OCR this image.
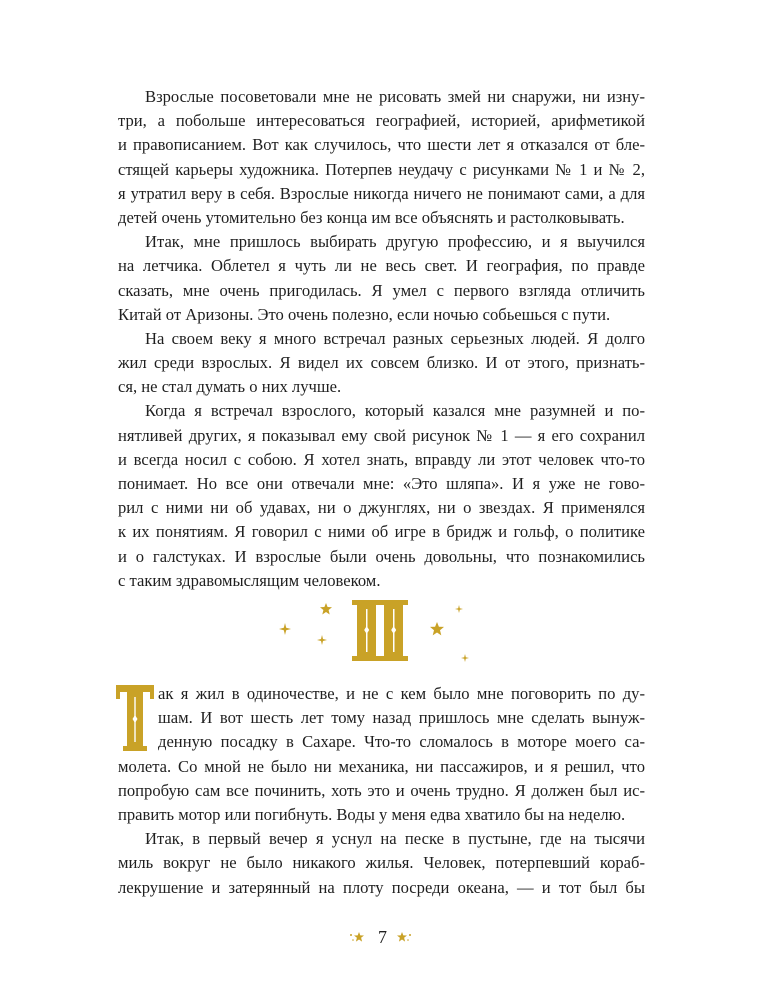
Взрослые посоветовали мне не рисовать змей ни снаружи, ни изну-
три, а побольше интересоваться географией, историей, арифметикой
и правописанием. Вот как случилось, что шести лет я отказался от бле-
стящей карьеры художника. Потерпев неудачу с рисунками № 1 и № 2,
я утратил веру в себя. Взрослые никогда ничего не понимают сами, а для
детей очень утомительно без конца им все объяснять и растолковывать.
Итак, мне пришлось выбирать другую профессию, и я выучился
на летчика. Облетел я чуть ли не весь свет. И география, по правде
сказать, мне очень пригодилась. Я умел с первого взгляда отличить
Китай от Аризоны. Это очень полезно, если ночью собьешься с пути.
На своем веку я много встречал разных серьезных людей. Я долго
жил среди взрослых. Я видел их совсем близко. И от этого, признать-
ся, не стал думать о них лучше.
Когда я встречал взрослого, который казался мне разумней и по-
нятливей других, я показывал ему свой рисунок № 1 — я его сохранил
и всегда носил с собою. Я хотел знать, вправду ли этот человек что-то
понимает. Но все они отвечали мне: «Это шляпа». И я уже не гово-
рил с ними ни об удавах, ни о джунглях, ни о звездах. Я применялся
к их понятиям. Я говорил с ними об игре в бридж и гольф, о политике
и о галстуках. И взрослые были очень довольны, что познакомились
с таким здравомыслящим человеком.
ак я жил в одиночестве, и не с кем было мне поговорить по ду-
шам. И вот шесть лет тому назад пришлось мне сделать вынуж-
денную посадку в Сахаре. Что-то сломалось в моторе моего са-
молета. Со мной не было ни механика, ни пассажиров, и я решил, что
попробую сам все починить, хоть это и очень трудно. Я должен был ис-
править мотор или погибнуть. Воды у меня едва хватило бы на неделю.
Итак, в первый вечер я уснул на песке в пустыне, где на тысячи
миль вокруг не было никакого жилья. Человек, потерпевший кораб-
лекрушение и затерянный на плоту посреди океана, — и тот был бы
7
